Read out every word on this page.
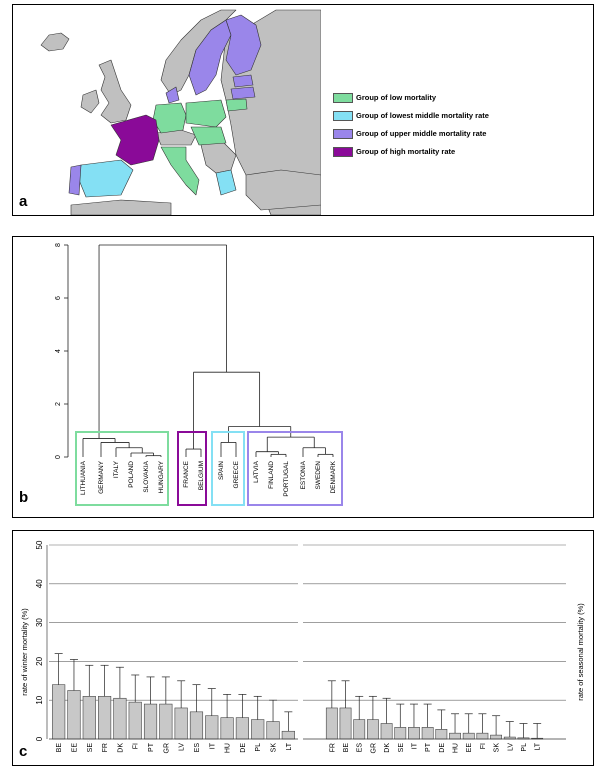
Group of low mortality
Group of lowest middle mortality rate
Group of upper middle mortality rate
Group of high mortality rate
a
0
2
4
6
8
LITHUANIA GERMANY ITALY POLAND SLOVAKIA HUNGARY	FRANCE BELGIUM SPAIN GREECE LATVIA FINLAND PORTUGAL ESTONIA SWEDEN DENMARK
b
0
10
20
30
40
50
rate of winter mortality (%)
BE EE SE FR DK FI PT GR LV ES IT HU DE PL SK LT
rate of seasonal mortality (%)
FR BE ES GR DK SE IT PT DE HU EE FI SK LV PL LT
c
